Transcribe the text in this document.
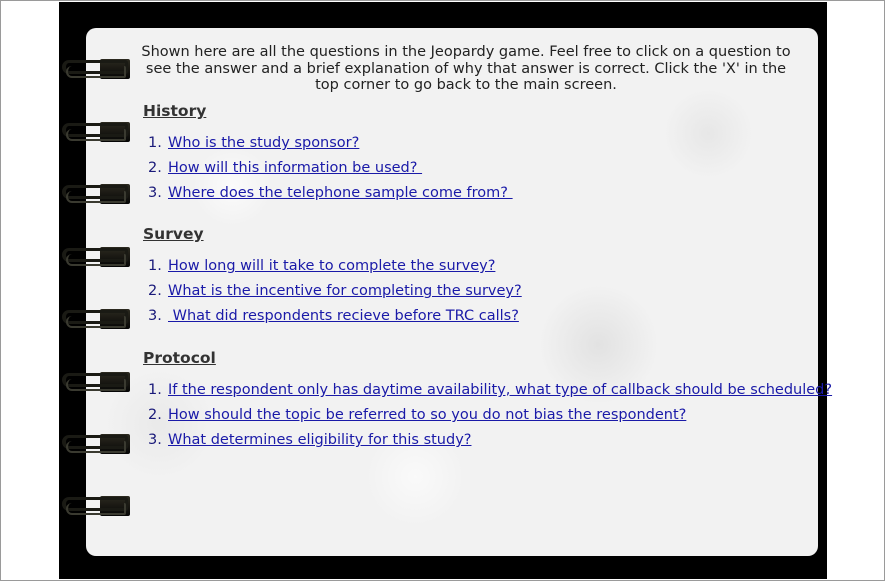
Shown here are all the questions in the Jeopardy game. Feel free to click on a question to see the answer and a brief explanation of why that answer is correct. Click the 'X' in the top corner to go back to the main screen.
History
1. Who is the study sponsor?
2. How will this information be used?
3. Where does the telephone sample come from?
Survey
1. How long will it take to complete the survey?
2. What is the incentive for completing the survey?
3. What did respondents recieve before TRC calls?
Protocol
1. If the respondent only has daytime availability, what type of callback should be scheduled?
2. How should the topic be referred to so you do not bias the respondent?
3. What determines eligibility for this study?
